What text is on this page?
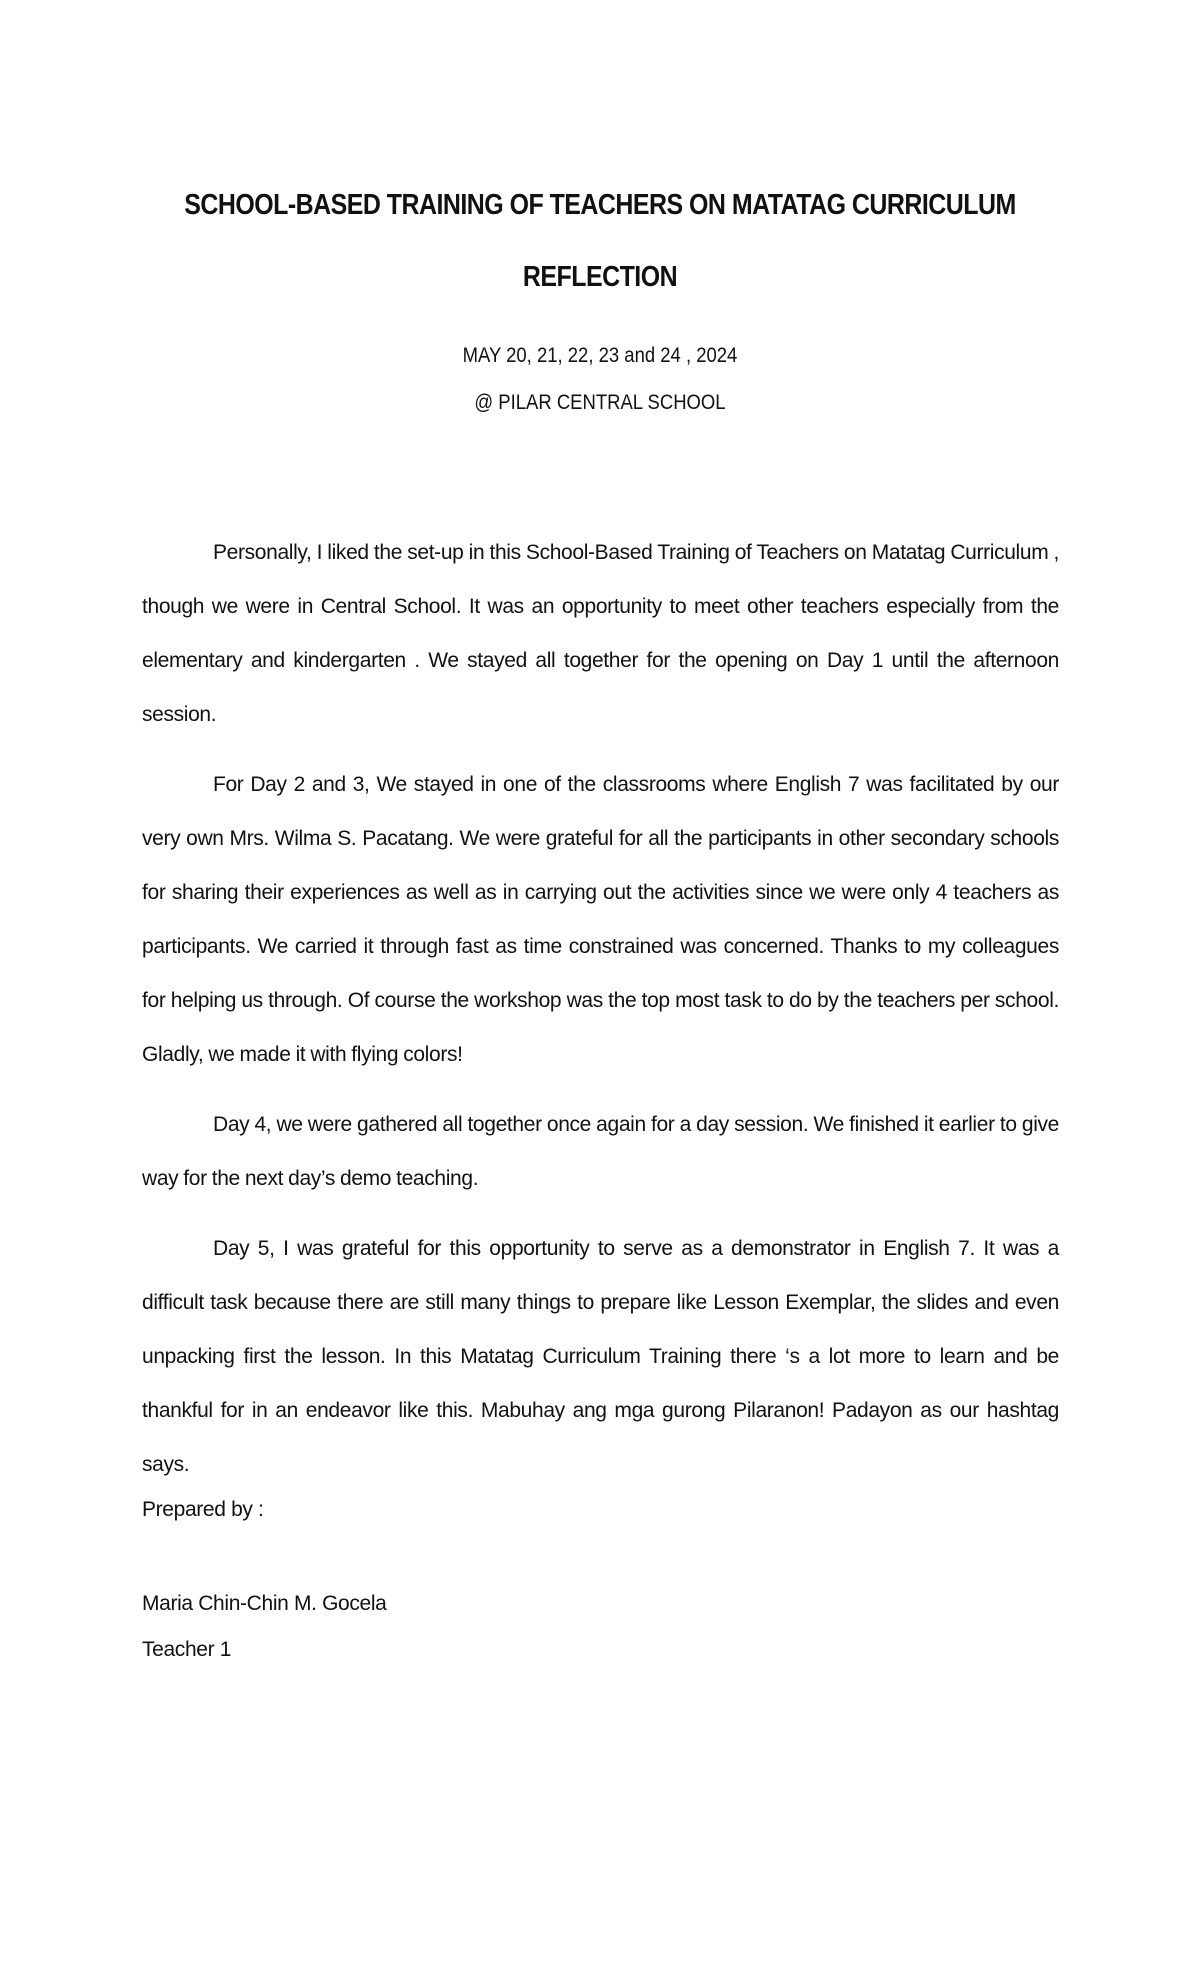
SCHOOL-BASED TRAINING OF TEACHERS ON MATATAG CURRICULUM
REFLECTION

MAY 20, 21, 22, 23 and 24 , 2024

@ PILAR CENTRAL SCHOOL

Personally, I liked the set-up in this School-Based Training of Teachers on Matatag Curriculum , though we were in Central School. It was an opportunity to meet other teachers especially from the elementary and kindergarten . We stayed all together for the opening on Day 1 until the afternoon session.

For Day 2 and 3, We stayed in one of the classrooms where English 7 was facilitated by our very own Mrs. Wilma S. Pacatang. We were grateful for all the participants in other secondary schools for sharing their experiences as well as in carrying out the activities since we were only 4 teachers as participants. We carried it through fast as time constrained was concerned. Thanks to my colleagues for helping us through. Of course the workshop was the top most task to do by the teachers per school. Gladly, we made it with flying colors!

Day 4, we were gathered all together once again for a day session. We finished it earlier to give way for the next day’s demo teaching.

Day 5, I was grateful for this opportunity to serve as a demonstrator in English 7. It was a difficult task because there are still many things to prepare like Lesson Exemplar, the slides and even unpacking first the lesson. In this Matatag Curriculum Training there ‘s a lot more to learn and be thankful for in an endeavor like this. Mabuhay ang mga gurong Pilaranon! Padayon as our hashtag says.

Prepared by :

Maria Chin-Chin M. Gocela

Teacher 1
